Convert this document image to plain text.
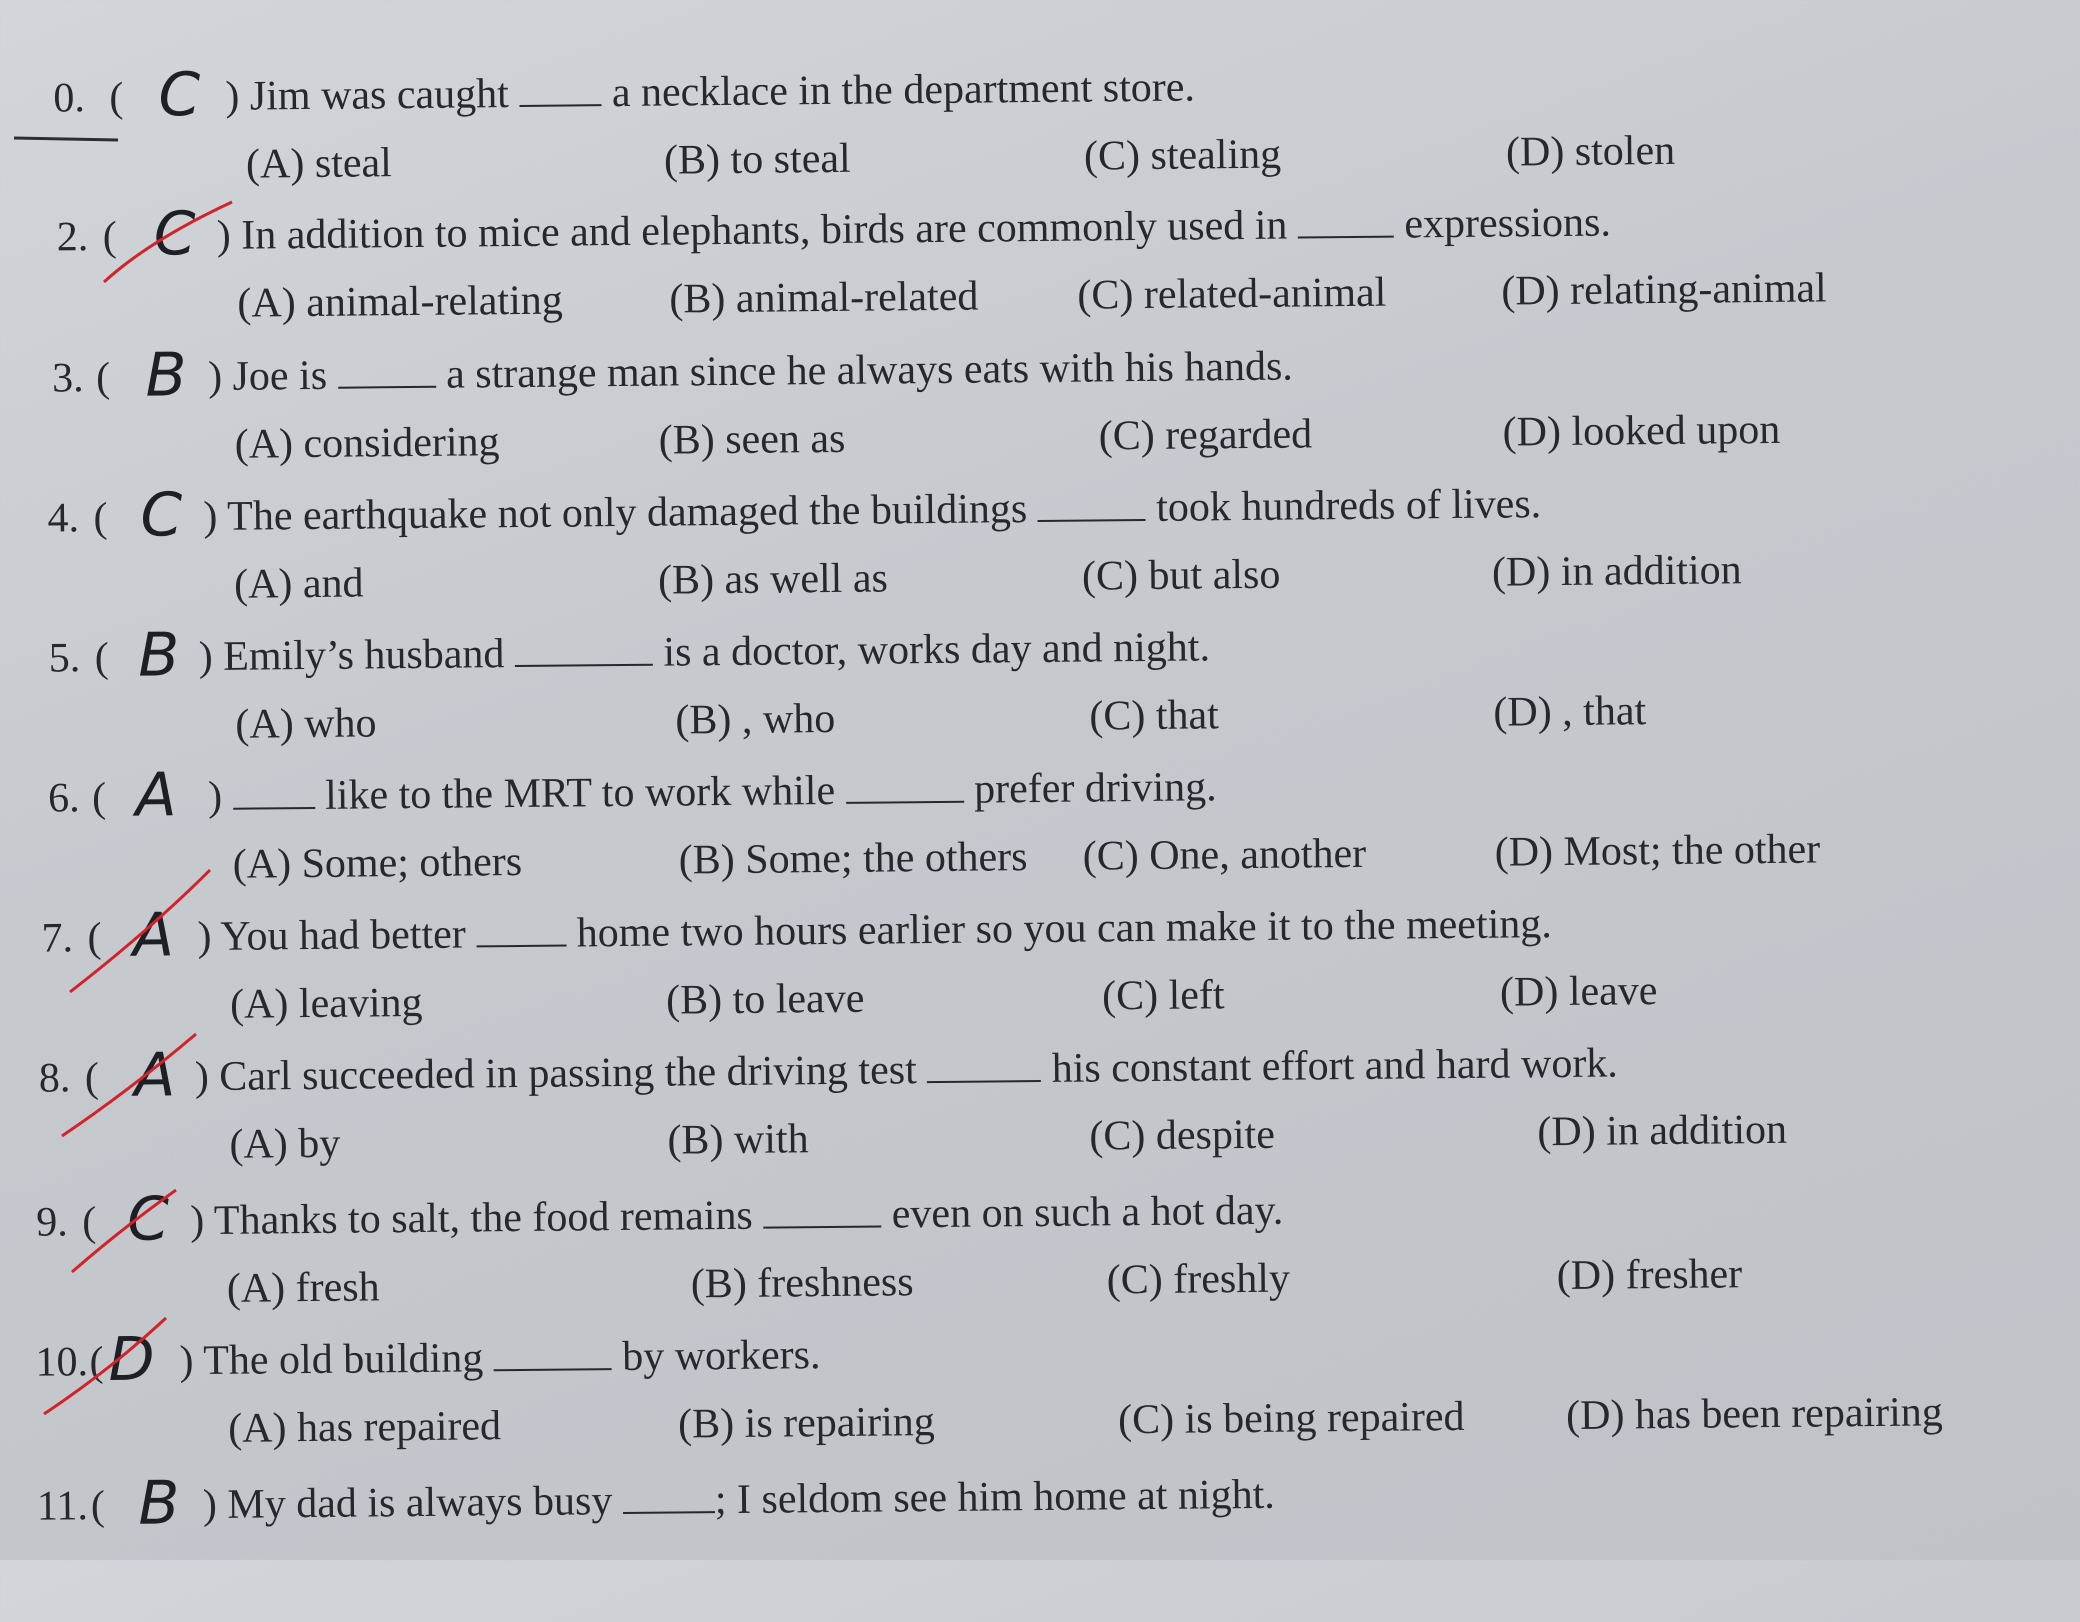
0. ( C ) Jim was caught  a necklace in the department store.
(A) steal	(B) to steal	(C) stealing	(D) stolen
2. ( C ) In addition to mice and elephants, birds are commonly used in  expressions.
(A) animal-relating	(B) animal-related (C) related-animal	(D) relating-animal
3. ( B ) Joe is  a strange man since he always eats with his hands.
(A) considering	(B) seen as	(C) regarded	(D) looked upon
4. ( C ) The earthquake not only damaged the buildings	took hundreds of lives.
(A) and	(B) as well as	(C) but also	(D) in addition
5. ( B ) Emily’s husband	is a doctor, works day and night.
(A) who	(B) , who	(C) that	(D) , that
6. ( A )  like to the MRT to work while	prefer driving.
(A) Some; others	(B) Some; the others (C) One, another	(D) Most; the other
7. ( A ) You had better  home two hours earlier so you can make it to the meeting.
(A) leaving	(B) to leave	(C) left	(D) leave
8. ( A ) Carl succeeded in passing the driving test	his constant effort and hard work.
(A) by	(B) with	(C) despite	(D) in addition
9. ( C ) Thanks to salt, the food remains	even on such a hot day.
(A) fresh	(B) freshness	(C) freshly	(D) fresher
10. ( D ) The old building	by workers.
(A) has repaired	(B) is repairing	(C) is being repaired (D) has been repairing
11. ( B ) My dad is always busy ; I seldom see him home at night.
